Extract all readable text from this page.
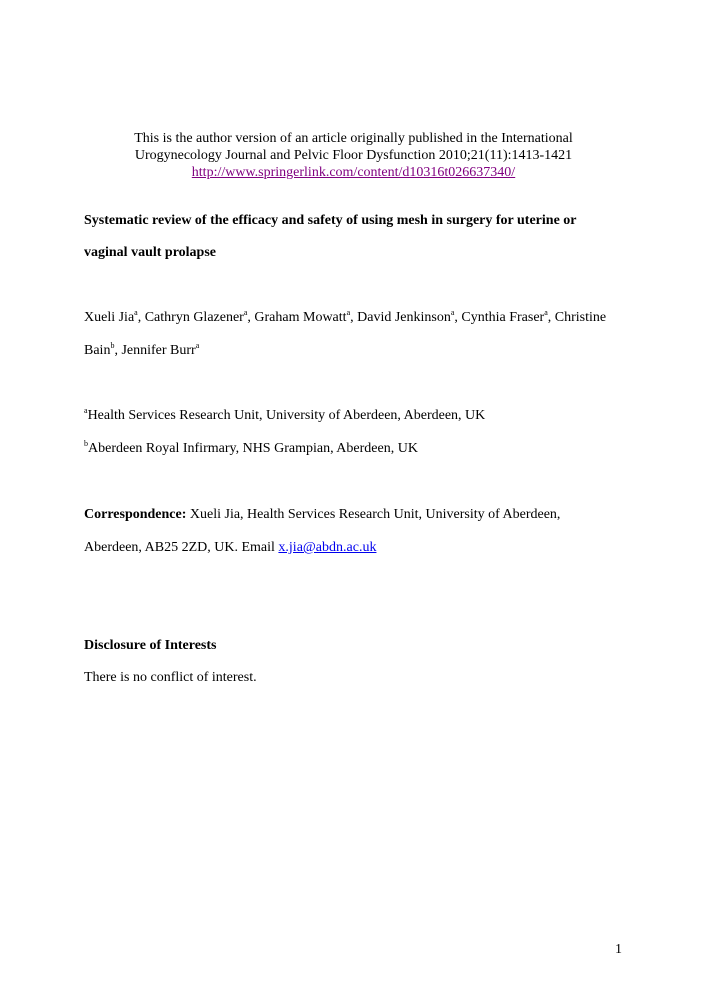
This is the author version of an article originally published in the International
Urogynecology Journal and Pelvic Floor Dysfunction 2010;21(11):1413-1421
http://www.springerlink.com/content/d10316t026637340/
Systematic review of the efficacy and safety of using mesh in surgery for uterine or
vaginal vault prolapse
Xueli Jia$^a$, Cathryn Glazener$^a$, Graham Mowatt$^a$, David Jenkinson$^a$, Cynthia Fraser$^a$, Christine
Bain$^b$, Jennifer Burr$^a$
$^a$Health Services Research Unit, University of Aberdeen, Aberdeen, UK
$^b$Aberdeen Royal Infirmary, NHS Grampian, Aberdeen, UK
Correspondence: Xueli Jia, Health Services Research Unit, University of Aberdeen,
Aberdeen, AB25 2ZD, UK. Email x.jia@abdn.ac.uk
Disclosure of Interests
There is no conflict of interest.
1
